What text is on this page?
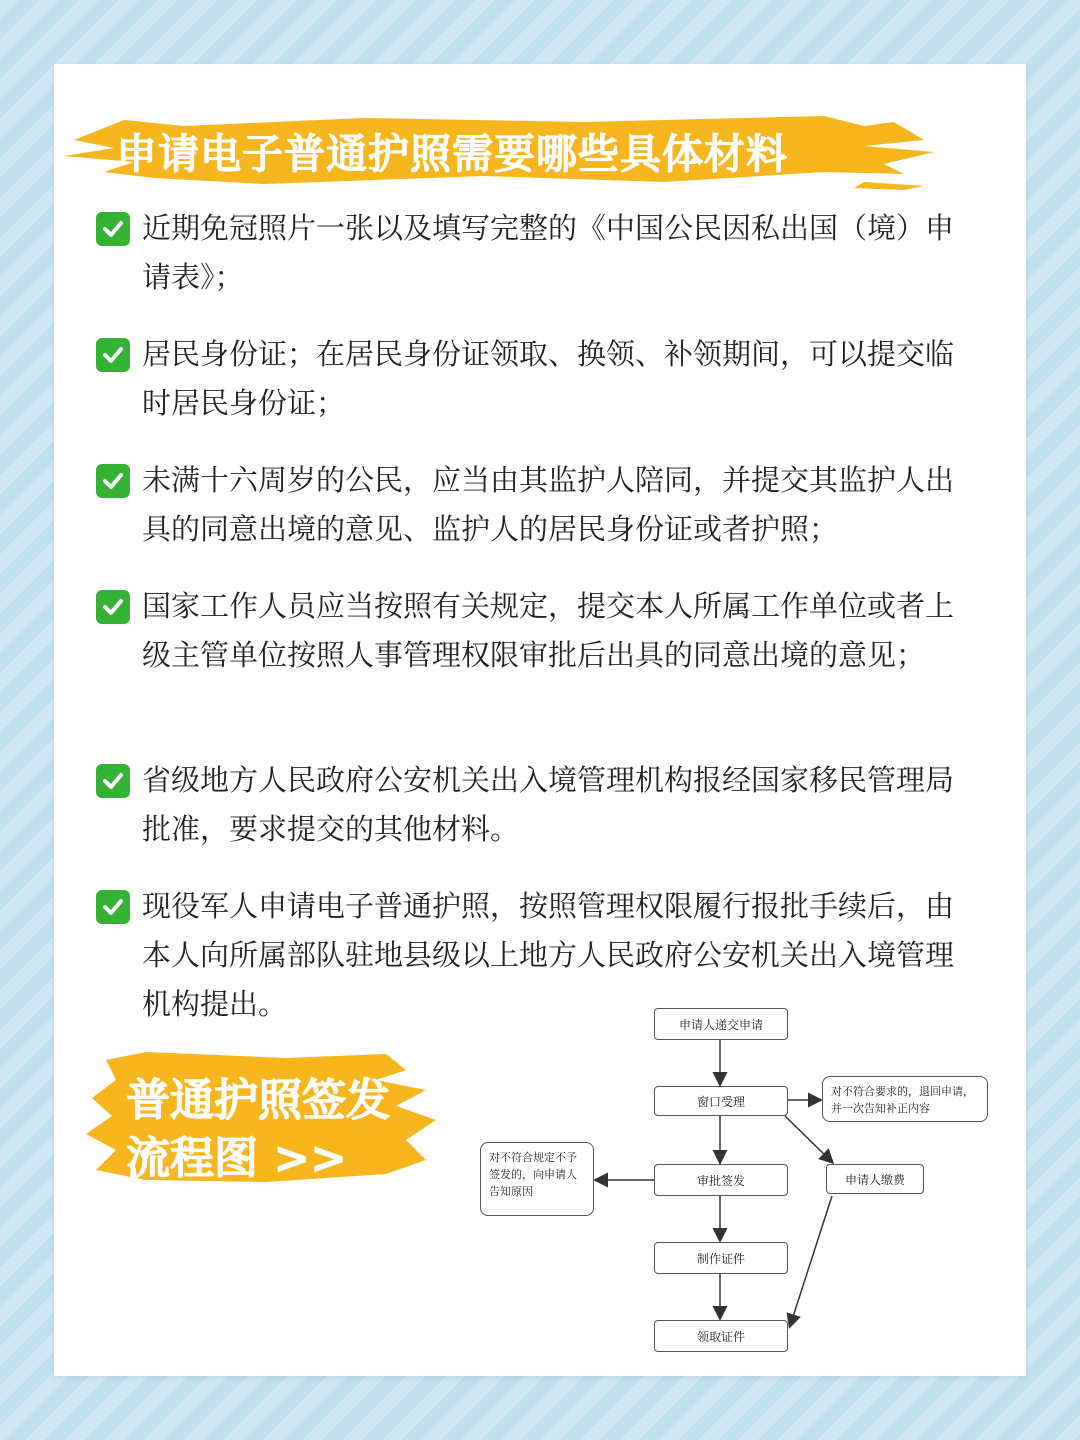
申请电子普通护照需要哪些具体材料
近期免冠照片一张以及填写完整的《中国公民因私出国（境）申请表》；
居民身份证；在居民身份证领取、换领、补领期间，可以提交临时居民身份证；
未满十六周岁的公民，应当由其监护人陪同，并提交其监护人出具的同意出境的意见、监护人的居民身份证或者护照；
国家工作人员应当按照有关规定，提交本人所属工作单位或者上级主管单位按照人事管理权限审批后出具的同意出境的意见；
省级地方人民政府公安机关出入境管理机构报经国家移民管理局批准，要求提交的其他材料。
现役军人申请电子普通护照，按照管理权限履行报批手续后，由本人向所属部队驻地县级以上地方人民政府公安机关出入境管理机构提出。
普通护照签发
流程图 >>
申请人递交申请
窗口受理
对不符合要求的，退回申请，并一次告知补正内容
审批签发
对不符合规定不予签发的，向申请人告知原因
申请人缴费
制作证件
领取证件
